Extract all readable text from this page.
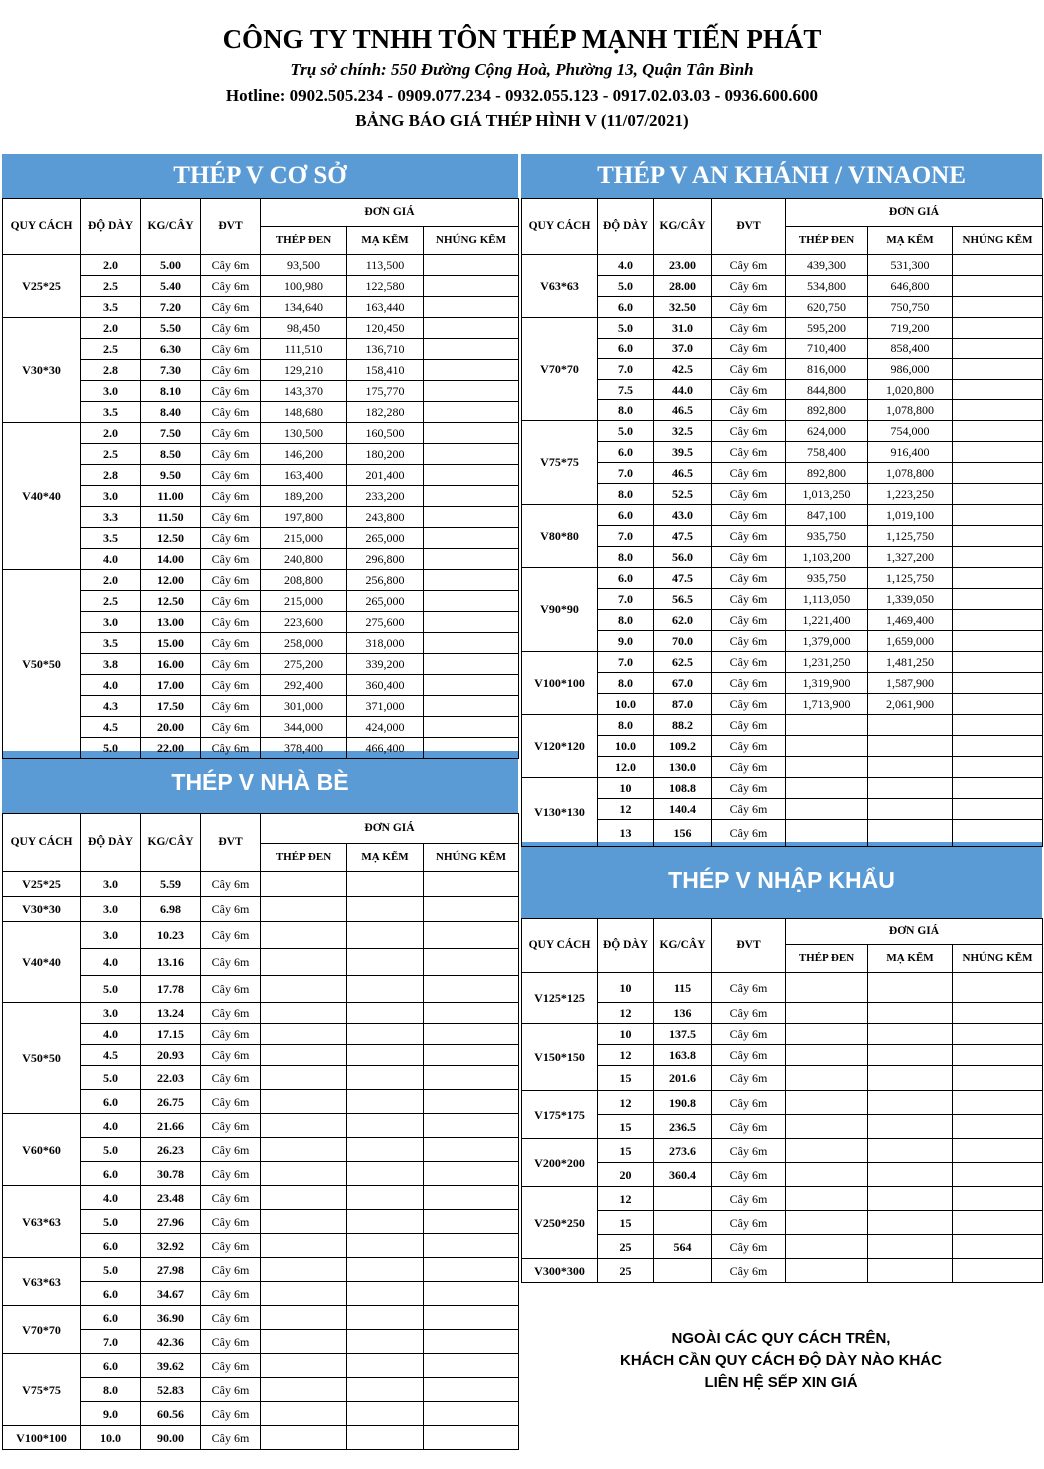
CÔNG TY TNHH TÔN THÉP MẠNH TIẾN PHÁT
Trụ sở chính: 550 Đường Cộng Hoà, Phường 13, Quận Tân Bình
Hotline: 0902.505.234 - 0909.077.234 - 0932.055.123 - 0917.02.03.03 - 0936.600.600
BẢNG BÁO GIÁ THÉP HÌNH V (11/07/2021)
THÉP V CƠ SỞ	THÉP V AN KHÁNH / VINAONE
THÉP V NHÀ BÈ
THÉP V NHẬP KHẨU
QUY CÁCH	ĐỘ DÀY	KG/CÂY	ĐVT	ĐƠN GIÁ		
				THÉP ĐEN	MẠ KẼM	NHÚNG KẼM
V25*25	2.0	5.00	Cây 6m	93,500	113,500	
	2.5	5.40	Cây 6m	100,980	122,580	
	3.5	7.20	Cây 6m	134,640	163,440	
V30*30	2.0	5.50	Cây 6m	98,450	120,450	
	2.5	6.30	Cây 6m	111,510	136,710	
	2.8	7.30	Cây 6m	129,210	158,410	
	3.0	8.10	Cây 6m	143,370	175,770	
	3.5	8.40	Cây 6m	148,680	182,280	
V40*40	2.0	7.50	Cây 6m	130,500	160,500	
	2.5	8.50	Cây 6m	146,200	180,200	
	2.8	9.50	Cây 6m	163,400	201,400	
	3.0	11.00	Cây 6m	189,200	233,200	
	3.3	11.50	Cây 6m	197,800	243,800	
	3.5	12.50	Cây 6m	215,000	265,000	
	4.0	14.00	Cây 6m	240,800	296,800	
V50*50	2.0	12.00	Cây 6m	208,800	256,800	
	2.5	12.50	Cây 6m	215,000	265,000	
	3.0	13.00	Cây 6m	223,600	275,600	
	3.5	15.00	Cây 6m	258,000	318,000	
	3.8	16.00	Cây 6m	275,200	339,200	
	4.0	17.00	Cây 6m	292,400	360,400	
	4.3	17.50	Cây 6m	301,000	371,000	
	4.5	20.00	Cây 6m	344,000	424,000	
	5.0	22.00	Cây 6m	378,400	466,400	
QUY CÁCH	ĐỘ DÀY	KG/CÂY	ĐVT	ĐƠN GIÁ		
				THÉP ĐEN	MẠ KẼM	NHÚNG KẼM
V63*63	4.0	23.00	Cây 6m	439,300	531,300	
	5.0	28.00	Cây 6m	534,800	646,800	
	6.0	32.50	Cây 6m	620,750	750,750	
V70*70	5.0	31.0	Cây 6m	595,200	719,200	
	6.0	37.0	Cây 6m	710,400	858,400	
	7.0	42.5	Cây 6m	816,000	986,000	
	7.5	44.0	Cây 6m	844,800	1,020,800	
	8.0	46.5	Cây 6m	892,800	1,078,800	
V75*75	5.0	32.5	Cây 6m	624,000	754,000	
	6.0	39.5	Cây 6m	758,400	916,400	
	7.0	46.5	Cây 6m	892,800	1,078,800	
	8.0	52.5	Cây 6m	1,013,250	1,223,250	
V80*80	6.0	43.0	Cây 6m	847,100	1,019,100	
	7.0	47.5	Cây 6m	935,750	1,125,750	
	8.0	56.0	Cây 6m	1,103,200	1,327,200	
V90*90	6.0	47.5	Cây 6m	935,750	1,125,750	
	7.0	56.5	Cây 6m	1,113,050	1,339,050	
	8.0	62.0	Cây 6m	1,221,400	1,469,400	
	9.0	70.0	Cây 6m	1,379,000	1,659,000	
V100*100	7.0	62.5	Cây 6m	1,231,250	1,481,250	
	8.0	67.0	Cây 6m	1,319,900	1,587,900	
	10.0	87.0	Cây 6m	1,713,900	2,061,900	
V120*120	8.0	88.2	Cây 6m			
	10.0	109.2	Cây 6m			
	12.0	130.0	Cây 6m			
V130*130	10	108.8	Cây 6m			
	12	140.4	Cây 6m			
	13	156	Cây 6m			
QUY CÁCH	ĐỘ DÀY	KG/CÂY	ĐVT	ĐƠN GIÁ		
				THÉP ĐEN	MẠ KẼM	NHÚNG KẼM
V25*25	3.0	5.59	Cây 6m			
V30*30	3.0	6.98	Cây 6m			
V40*40	3.0	10.23	Cây 6m			
	4.0	13.16	Cây 6m			
	5.0	17.78	Cây 6m			
V50*50	3.0	13.24	Cây 6m			
	4.0	17.15	Cây 6m			
	4.5	20.93	Cây 6m			
	5.0	22.03	Cây 6m			
	6.0	26.75	Cây 6m			
V60*60	4.0	21.66	Cây 6m			
	5.0	26.23	Cây 6m			
	6.0	30.78	Cây 6m			
V63*63	4.0	23.48	Cây 6m			
	5.0	27.96	Cây 6m			
	6.0	32.92	Cây 6m			
V63*63	5.0	27.98	Cây 6m			
	6.0	34.67	Cây 6m			
V70*70	6.0	36.90	Cây 6m			
	7.0	42.36	Cây 6m			
V75*75	6.0	39.62	Cây 6m			
	8.0	52.83	Cây 6m			
	9.0	60.56	Cây 6m			
V100*100	10.0	90.00	Cây 6m			
QUY CÁCH	ĐỘ DÀY	KG/CÂY	ĐVT	ĐƠN GIÁ		
				THÉP ĐEN	MẠ KẼM	NHÚNG KẼM
V125*125	10	115	Cây 6m			
	12	136	Cây 6m			
V150*150	10	137.5	Cây 6m			
	12	163.8	Cây 6m			
	15	201.6	Cây 6m			
V175*175	12	190.8	Cây 6m			
	15	236.5	Cây 6m			
V200*200	15	273.6	Cây 6m			
	20	360.4	Cây 6m			
V250*250	12		Cây 6m			
	15		Cây 6m			
	25	564	Cây 6m			
V300*300	25		Cây 6m			
NGOÀI CÁC QUY CÁCH TRÊN,
KHÁCH CẦN QUY CÁCH ĐỘ DÀY NÀO KHÁC
LIÊN HỆ SẾP XIN GIÁ
